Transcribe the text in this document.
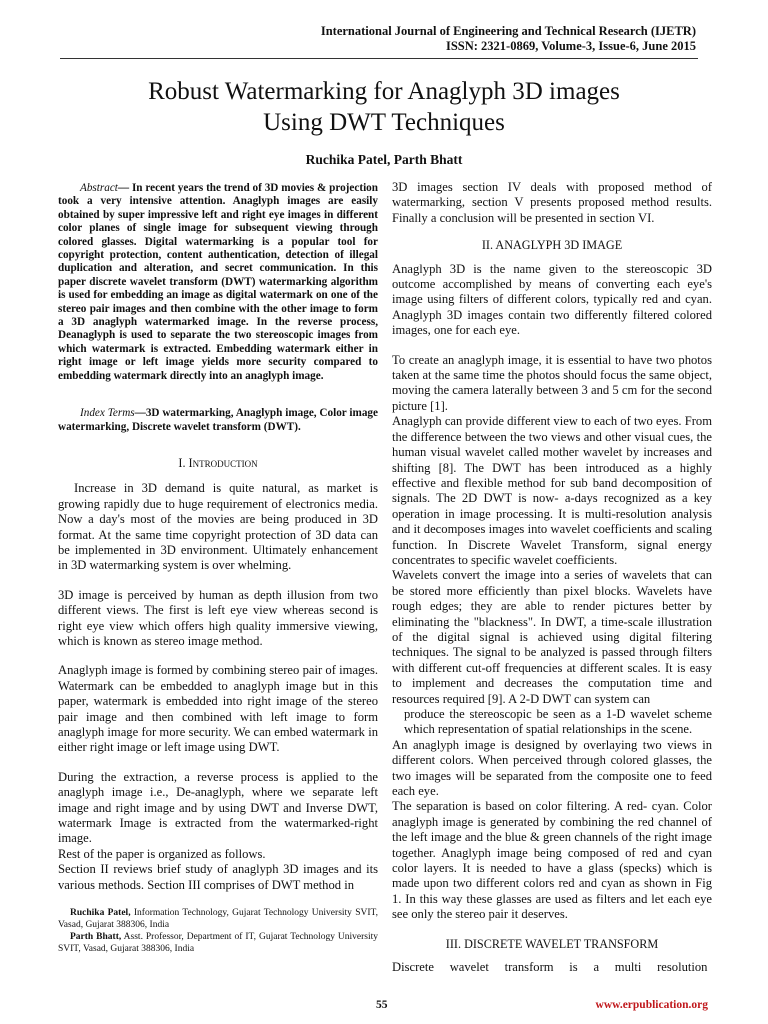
International Journal of Engineering and Technical Research (IJETR)
ISSN: 2321-0869, Volume-3, Issue-6, June 2015
Robust Watermarking for Anaglyph 3D images
Using DWT Techniques
Ruchika Patel, Parth Bhatt

Abstract— In recent years the trend of 3D movies & projection took a very intensive attention. Anaglyph images are easily obtained by super impressive left and right eye images in different color planes of single image for subsequent viewing through colored glasses. Digital watermarking is a popular tool for copyright protection, content authentication, detection of illegal duplication and alteration, and secret communication. In this paper discrete wavelet transform (DWT) watermarking algorithm is used for embedding an image as digital watermark on one of the stereo pair images and then combine with the other image to form a 3D anaglyph watermarked image. In the reverse process, Deanaglyph is used to separate the two stereoscopic images from which watermark is extracted. Embedding watermark either in right image or left image yields more security compared to embedding watermark directly into an anaglyph image.

Index Terms—3D watermarking, Anaglyph image, Color image watermarking, Discrete wavelet transform (DWT).

I. Introduction

Increase in 3D demand is quite natural, as market is growing rapidly due to huge requirement of electronics media. Now a day's most of the movies are being produced in 3D format. At the same time copyright protection of 3D data can be implemented in 3D environment. Ultimately enhancement in 3D watermarking system is over whelming.

3D image is perceived by human as depth illusion from two different views. The first is left eye view whereas second is right eye view which offers high quality immersive viewing, which is known as stereo image method.

Anaglyph image is formed by combining stereo pair of images. Watermark can be embedded to anaglyph image but in this paper, watermark is embedded into right image of the stereo pair image and then combined with left image to form anaglyph image for more security. We can embed watermark in either right image or left image using DWT.

During the extraction, a reverse process is applied to the anaglyph image i.e., De-anaglyph, where we separate left image and right image and by using DWT and Inverse DWT, watermark Image is extracted from the watermarked-right image.

Rest of the paper is organized as follows.

Section II reviews brief study of anaglyph 3D images and its various methods. Section III comprises of DWT method in

Ruchika Patel, Information Technology, Gujarat Technology University SVIT, Vasad, Gujarat 388306, India

Parth Bhatt, Asst. Professor, Department of IT, Gujarat Technology University SVIT, Vasad, Gujarat 388306, India

3D images section IV deals with proposed method of watermarking, section V presents proposed method results. Finally a conclusion will be presented in section VI.

II. ANAGLYPH 3D IMAGE

Anaglyph 3D is the name given to the stereoscopic 3D outcome accomplished by means of converting each eye's image using filters of different colors, typically red and cyan. Anaglyph 3D images contain two differently filtered colored images, one for each eye.

To create an anaglyph image, it is essential to have two photos taken at the same time the photos should focus the same object, moving the camera laterally between 3 and 5 cm for the second picture [1].

Anaglyph can provide different view to each of two eyes. From the difference between the two views and other visual cues, the human visual wavelet called mother wavelet by increases and shifting [8]. The DWT has been introduced as a highly effective and flexible method for sub band decomposition of signals. The 2D DWT is now- a-days recognized as a key operation in image processing. It is multi-resolution analysis and it decomposes images into wavelet coefficients and scaling function. In Discrete Wavelet Transform, signal energy concentrates to specific wavelet coefficients.

Wavelets convert the image into a series of wavelets that can be stored more efficiently than pixel blocks. Wavelets have rough edges; they are able to render pictures better by eliminating the "blackness". In DWT, a time-scale illustration of the digital signal is achieved using digital filtering techniques. The signal to be analyzed is passed through filters with different cut-off frequencies at different scales. It is easy to implement and decreases the computation time and resources required [9]. A 2-D DWT can system can

produce the stereoscopic be seen as a 1-D wavelet scheme which representation of spatial relationships in the scene.

An anaglyph image is designed by overlaying two views in different colors. When perceived through colored glasses, the two images will be separated from the composite one to feed each eye.

The separation is based on color filtering. A red- cyan. Color anaglyph image is generated by combining the red channel of the left image and the blue & green channels of the right image together. Anaglyph image being composed of red and cyan color layers. It is needed to have a glass (specks) which is made upon two different colors red and cyan as shown in Fig 1. In this way these glasses are used as filters and let each eye see only the stereo pair it deserves.

III. DISCRETE WAVELET TRANSFORM

Discrete     wavelet     transform     is     a     multi     resolution

55	www.erpublication.org
